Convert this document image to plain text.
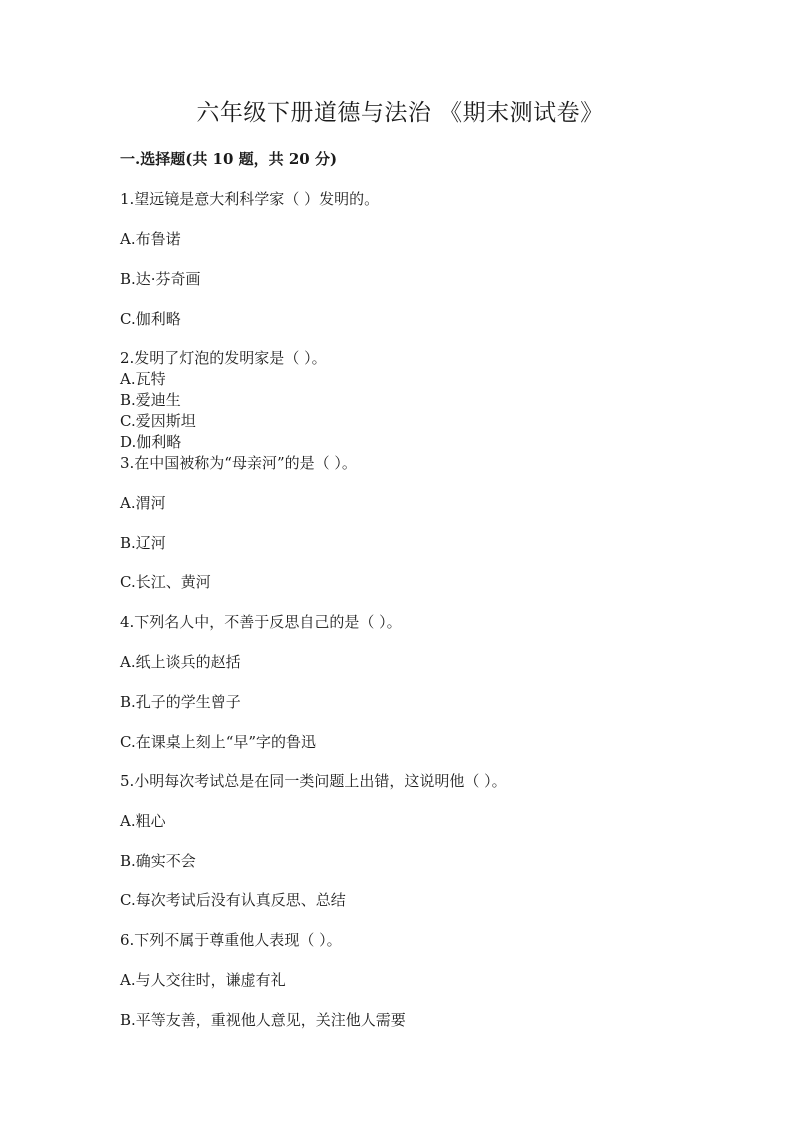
六年级下册道德与法治 《期末测试卷》
一.选择题(共 10 题，共 20 分)
1.望远镜是意大利科学家（ ）发明的。
A.布鲁诺
B.达·芬奇画
C.伽利略
2.发明了灯泡的发明家是（ ）。
A.瓦特
B.爱迪生
C.爱因斯坦
D.伽利略
3.在中国被称为“母亲河”的是（ ）。
A.渭河
B.辽河
C.长江、黄河
4.下列名人中，不善于反思自己的是（ ）。
A.纸上谈兵的赵括
B.孔子的学生曾子
C.在课桌上刻上“早”字的鲁迅
5.小明每次考试总是在同一类问题上出错，这说明他（ ）。
A.粗心
B.确实不会
C.每次考试后没有认真反思、总结
6.下列不属于尊重他人表现（ ）。
A.与人交往时，谦虚有礼
B.平等友善，重视他人意见，关注他人需要
